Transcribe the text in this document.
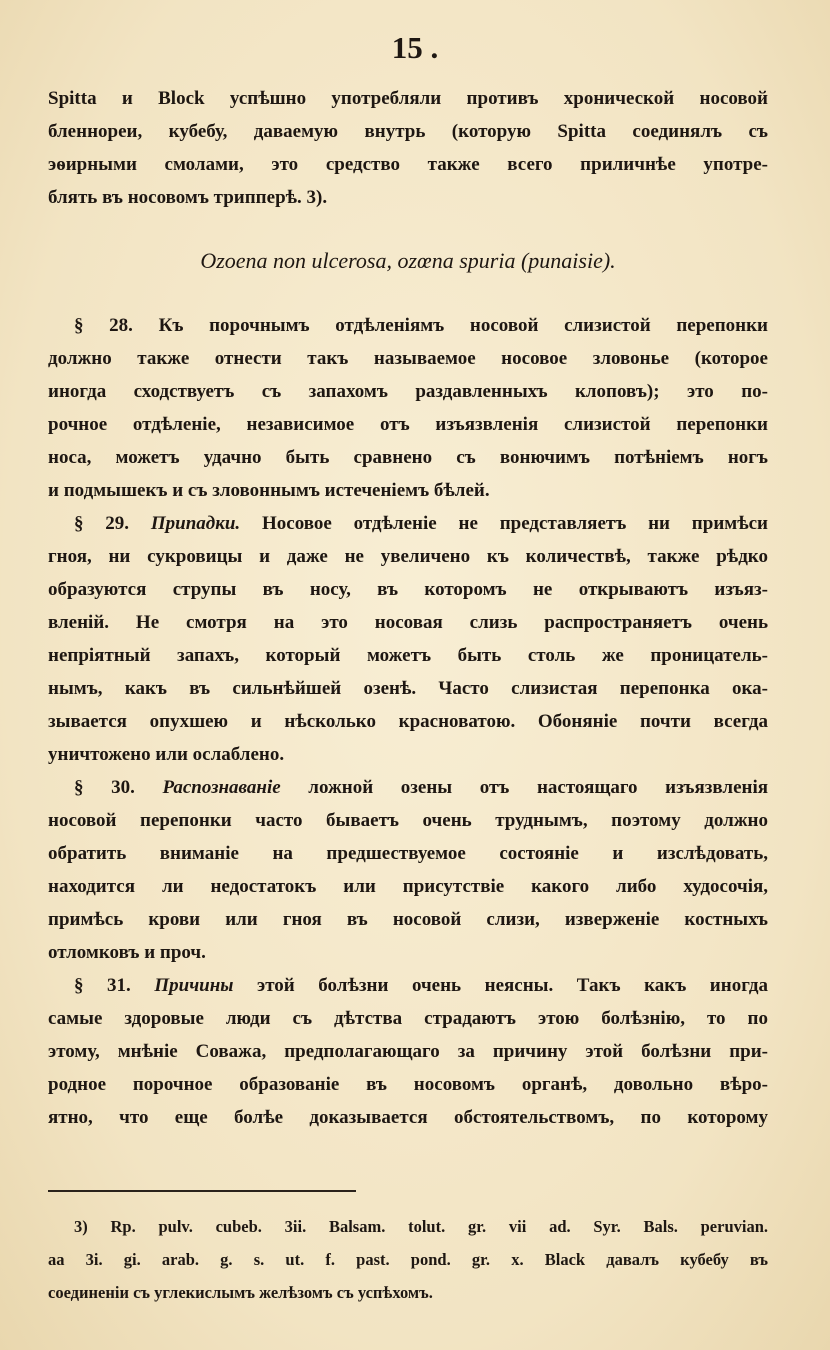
15 .

Spitta и Block успѣшно употребляли противъ хронической носовой

бленнореи, кубебу, даваемую внутрь (которую Spitta соединялъ съ

эѳирными смолами, это средство также всего приличнѣе употре-

блять въ носовомъ трипперѣ. 3).

Ozoena non ulcerosa, ozœna spuria (punaisie).

§ 28. Къ порочнымъ отдѣленіямъ носовой слизистой перепонки

должно также отнести такъ называемое носовое зловонье (которое

иногда сходствуетъ съ запахомъ раздавленныхъ клоповъ); это по-

рочное отдѣленіе, независимое отъ изъязвленія слизистой перепонки

носа, можетъ удачно быть сравнено съ вонючимъ потѣніемъ ногъ

и подмышекъ и съ зловоннымъ истеченіемъ бѣлей.

§ 29. Припадки. Носовое отдѣленіе не представляетъ ни примѣси

гноя, ни сукровицы и даже не увеличено къ количествѣ, также рѣдко

образуются струпы въ носу, въ которомъ не открываютъ изъяз-

вленій. Не смотря на это носовая слизь распространяетъ очень

непріятный запахъ, который можетъ быть столь же проницатель-

нымъ, какъ въ сильнѣйшей озенѣ. Часто слизистая перепонка ока-

зывается опухшею и нѣсколько красноватою. Обоняніе почти всегда

уничтожено или ослаблено.

§ 30. Распознаваніе ложной озены отъ настоящаго изъязвленія

носовой перепонки часто бываетъ очень труднымъ, поэтому должно

обратить вниманіе на предшествуемое состояніе и изслѣдовать,

находится ли недостатокъ или присутствіе какого либо худосочія,

примѣсь крови или гноя въ носовой слизи, изверженіе костныхъ

отломковъ и проч.

§ 31. Причины этой болѣзни очень неясны. Такъ какъ иногда

самые здоровые люди съ дѣтства страдаютъ этою болѣзнію, то по

этому, мнѣніе Соважа, предполагающаго за причину этой болѣзни при-

родное порочное образованіе въ носовомъ органѣ, довольно вѣро-

ятно, что еще болѣе доказывается обстоятельствомъ, по которому

3) Rp. pulv. cubeb. 3ii. Balsam. tolut. gr. vii ad. Syr. Bals. peruvian.

aa 3i. gi. arab. g. s. ut. f. past. pond. gr. x. Black давалъ кубебу въ

соединеніи съ углекислымъ желѣзомъ съ успѣхомъ.
